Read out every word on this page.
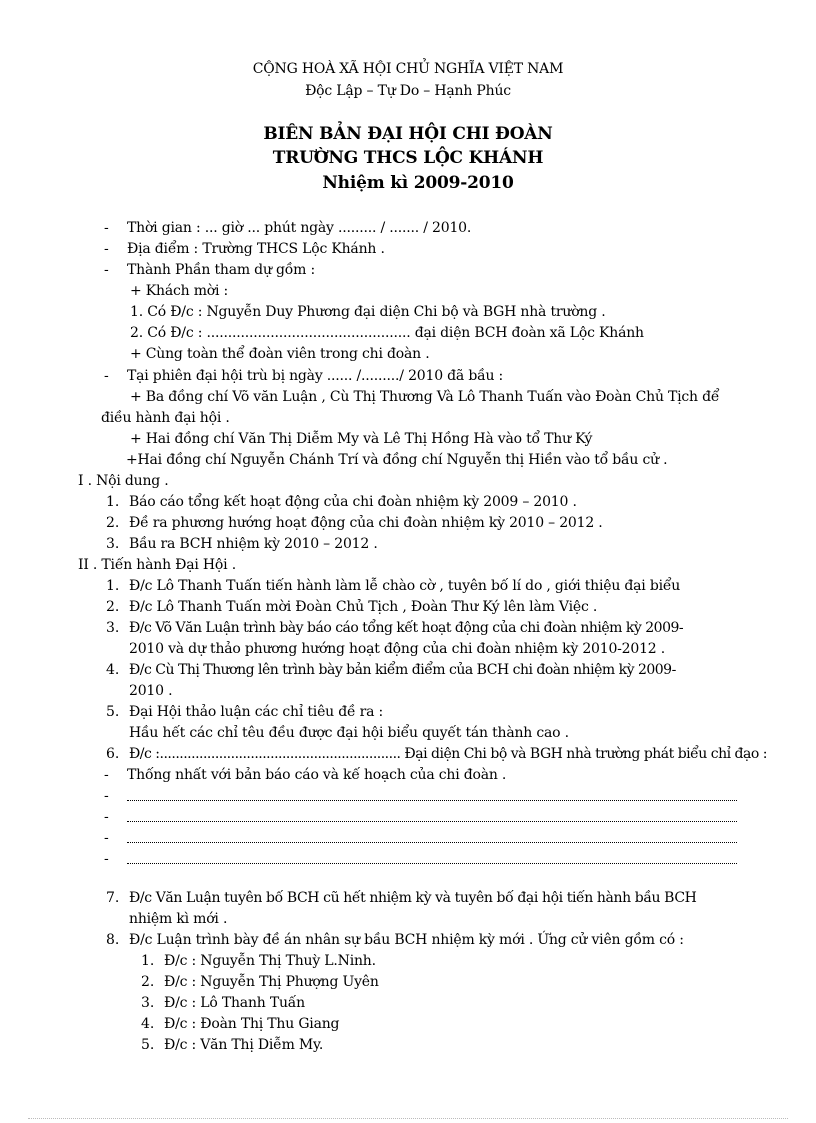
CỘNG HOÀ XÃ HỘI CHỦ NGHĨA VIỆT NAM
Độc Lập – Tự Do – Hạnh Phúc
BIÊN BẢN ĐẠI HỘI CHI ĐOÀN
TRƯỜNG THCS LỘC KHÁNH
Nhiệm kì 2009-2010
- Thời gian : ... giờ ... phút ngày ......... / ....... / 2010.
- Địa điểm : Trường THCS Lộc Khánh .
- Thành Phần tham dự gồm :
+ Khách mời :
1. Có Đ/c : Nguyễn Duy Phương đại diện Chi bộ và BGH nhà trường .
2. Có Đ/c : ................................................ đại diện BCH đoàn xã Lộc Khánh
+ Cùng toàn thể đoàn viên trong chi đoàn .
- Tại phiên đại hội trù bị ngày ...... /........./ 2010 đã bầu :
+ Ba đồng chí Võ văn Luận , Cù Thị Thương Và Lô Thanh Tuấn vào Đoàn Chủ Tịch để
điều hành đại hội .
+ Hai đồng chí Văn Thị Diễm My và Lê Thị Hồng Hà vào tổ Thư Ký
+Hai đồng chí Nguyễn Chánh Trí và đồng chí Nguyễn thị Hiền vào tổ bầu cử .
I . Nội dung .
1. Báo cáo tổng kết hoạt động của chi đoàn nhiệm kỳ 2009 – 2010 .
2. Đề ra phương hướng hoạt động của chi đoàn nhiệm kỳ 2010 – 2012 .
3. Bầu ra BCH nhiệm kỳ 2010 – 2012 .
II . Tiến hành Đại Hội .
1. Đ/c Lô Thanh Tuấn tiến hành làm lễ chào cờ , tuyên bố lí do , giới thiệu đại biểu
2. Đ/c Lô Thanh Tuấn mời Đoàn Chủ Tịch , Đoàn Thư Ký lên làm Việc .
3. Đ/c Võ Văn Luận trình bày báo cáo tổng kết hoạt động của chi đoàn nhiệm kỳ 2009-
2010 và dự thảo phương hướng hoạt động của chi đoàn nhiệm kỳ 2010-2012 .
4. Đ/c Cù Thị Thương lên trình bày bản kiểm điểm của BCH chi đoàn nhiệm kỳ 2009-
2010 .
5. Đại Hội thảo luận các chỉ tiêu đề ra :
Hầu hết các chỉ têu đều được đại hội biểu quyết tán thành cao .
6. Đ/c :............................................................. Đại diện Chi bộ và BGH nhà trường phát biểu chỉ đạo :
- Thống nhất với bản báo cáo và kế hoạch của chi đoàn .
-
-
-
-
7. Đ/c Văn Luận tuyên bố BCH cũ hết nhiệm kỳ và tuyên bố đại hội tiến hành bầu BCH
nhiệm kì mới .
8. Đ/c Luận trình bày đề án nhân sự bầu BCH nhiệm kỳ mới . Ứng cử viên gồm có :
1. Đ/c : Nguyễn Thị Thuỳ L.Ninh.
2. Đ/c : Nguyễn Thị Phượng Uyên
3. Đ/c : Lô Thanh Tuấn
4. Đ/c : Đoàn Thị Thu Giang
5. Đ/c : Văn Thị Diễm My.
